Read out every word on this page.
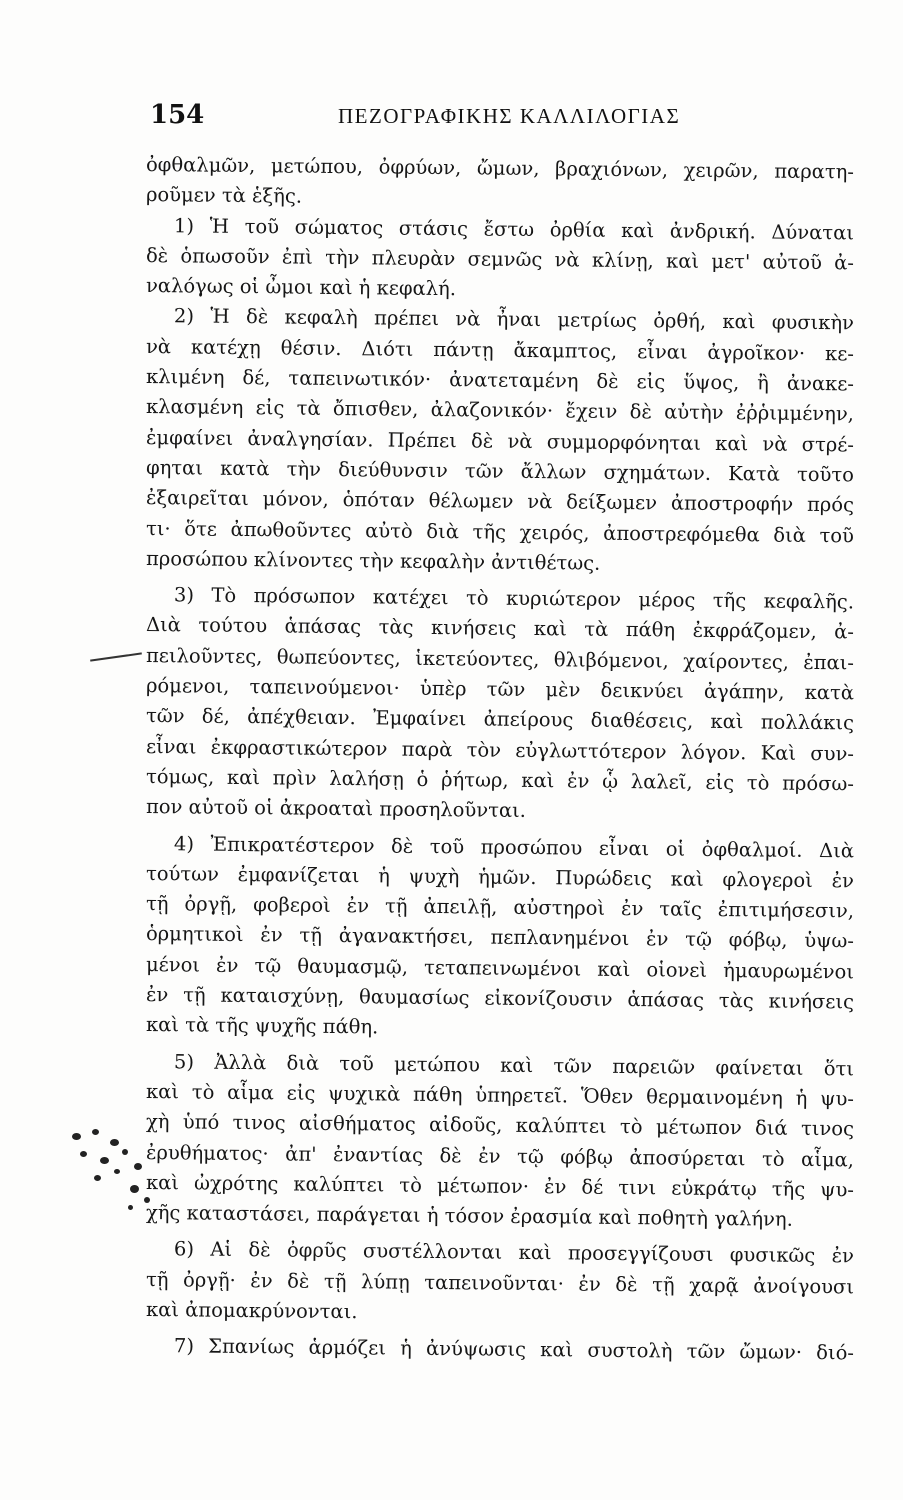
154	ΠΕΖΟΓΡΑΦΙΚΗΣ ΚΑΛΛΙΛΟΓΙΑΣ
ὀφθαλμῶν, μετώπου, ὀφρύων, ὤμων, βραχιόνων, χειρῶν, παρατη-
ροῦμεν τὰ ἑξῆς.
1) Ἡ τοῦ σώματος στάσις ἔστω ὀρθία καὶ ἀνδρική. Δύναται
δὲ ὁπωσοῦν ἐπὶ τὴν πλευρὰν σεμνῶς νὰ κλίνῃ, καὶ μετ' αὐτοῦ ἀ-
ναλόγως οἱ ὦμοι καὶ ἡ κεφαλή.
2) Ἡ δὲ κεφαλὴ πρέπει νὰ ἦναι μετρίως ὀρθή, καὶ φυσικὴν
νὰ κατέχῃ θέσιν. Διότι πάντῃ ἄκαμπτος, εἶναι ἀγροῖκον· κε-
κλιμένη δέ, ταπεινωτικόν· ἀνατεταμένη δὲ εἰς ὕψος, ἢ ἀνακε-
κλασμένη εἰς τὰ ὄπισθεν, ἀλαζονικόν· ἔχειν δὲ αὐτὴν ἐῤῥιμμένην,
ἐμφαίνει ἀναλγησίαν. Πρέπει δὲ νὰ συμμορφόνηται καὶ νὰ στρέ-
φηται κατὰ τὴν διεύθυνσιν τῶν ἄλλων σχημάτων. Κατὰ τοῦτο
ἐξαιρεῖται μόνον, ὁπόταν θέλωμεν νὰ δείξωμεν ἀποστροφήν πρός
τι· ὅτε ἀπωθοῦντες αὐτὸ διὰ τῆς χειρός, ἀποστρεφόμεθα διὰ τοῦ
προσώπου κλίνοντες τὴν κεφαλὴν ἀντιθέτως.
3) Τὸ πρόσωπον κατέχει τὸ κυριώτερον μέρος τῆς κεφαλῆς.
Διὰ τούτου ἁπάσας τὰς κινήσεις καὶ τὰ πάθη ἐκφράζομεν, ἀ-
πειλοῦντες, θωπεύοντες, ἱκετεύοντες, θλιβόμενοι, χαίροντες, ἐπαι-
ρόμενοι, ταπεινούμενοι· ὑπὲρ τῶν μὲν δεικνύει ἀγάπην, κατὰ
τῶν δέ, ἀπέχθειαν. Ἐμφαίνει ἀπείρους διαθέσεις, καὶ πολλάκις
εἶναι ἐκφραστικώτερον παρὰ τὸν εὐγλωττότερον λόγον. Καὶ συν-
τόμως, καὶ πρὶν λαλήσῃ ὁ ῥήτωρ, καὶ ἐν ᾧ λαλεῖ, εἰς τὸ πρόσω-
πον αὐτοῦ οἱ ἀκροαταὶ προσηλοῦνται.
4) Ἐπικρατέστερον δὲ τοῦ προσώπου εἶναι οἱ ὀφθαλμοί. Διὰ
τούτων ἐμφανίζεται ἡ ψυχὴ ἡμῶν. Πυρώδεις καὶ φλογεροὶ ἐν
τῇ ὀργῇ, φοβεροὶ ἐν τῇ ἀπειλῇ, αὐστηροὶ ἐν ταῖς ἐπιτιμήσεσιν,
ὁρμητικοὶ ἐν τῇ ἀγανακτήσει, πεπλανημένοι ἐν τῷ φόβῳ, ὑψω-
μένοι ἐν τῷ θαυμασμῷ, τεταπεινωμένοι καὶ οἱονεὶ ἠμαυρωμένοι
ἐν τῇ καταισχύνῃ, θαυμασίως εἰκονίζουσιν ἁπάσας τὰς κινήσεις
καὶ τὰ τῆς ψυχῆς πάθη.
5) Ἀλλὰ διὰ τοῦ μετώπου καὶ τῶν παρειῶν φαίνεται ὅτι
καὶ τὸ αἷμα εἰς ψυχικὰ πάθη ὑπηρετεῖ. Ὅθεν θερμαινομένη ἡ ψυ-
χὴ ὑπό τινος αἰσθήματος αἰδοῦς, καλύπτει τὸ μέτωπον διά τινος
ἐρυθήματος· ἀπ' ἐναντίας δὲ ἐν τῷ φόβῳ ἀποσύρεται τὸ αἷμα,
καὶ ὠχρότης καλύπτει τὸ μέτωπον· ἐν δέ τινι εὐκράτῳ τῆς ψυ-
χῆς καταστάσει, παράγεται ἡ τόσον ἐρασμία καὶ ποθητὴ γαλήνη.
6) Αἱ δὲ ὀφρῦς συστέλλονται καὶ προσεγγίζουσι φυσικῶς ἐν
τῇ ὀργῇ· ἐν δὲ τῇ λύπῃ ταπεινοῦνται· ἐν δὲ τῇ χαρᾷ ἀνοίγουσι
καὶ ἀπομακρύνονται.
7) Σπανίως ἁρμόζει ἡ ἀνύψωσις καὶ συστολὴ τῶν ὤμων· διό-
